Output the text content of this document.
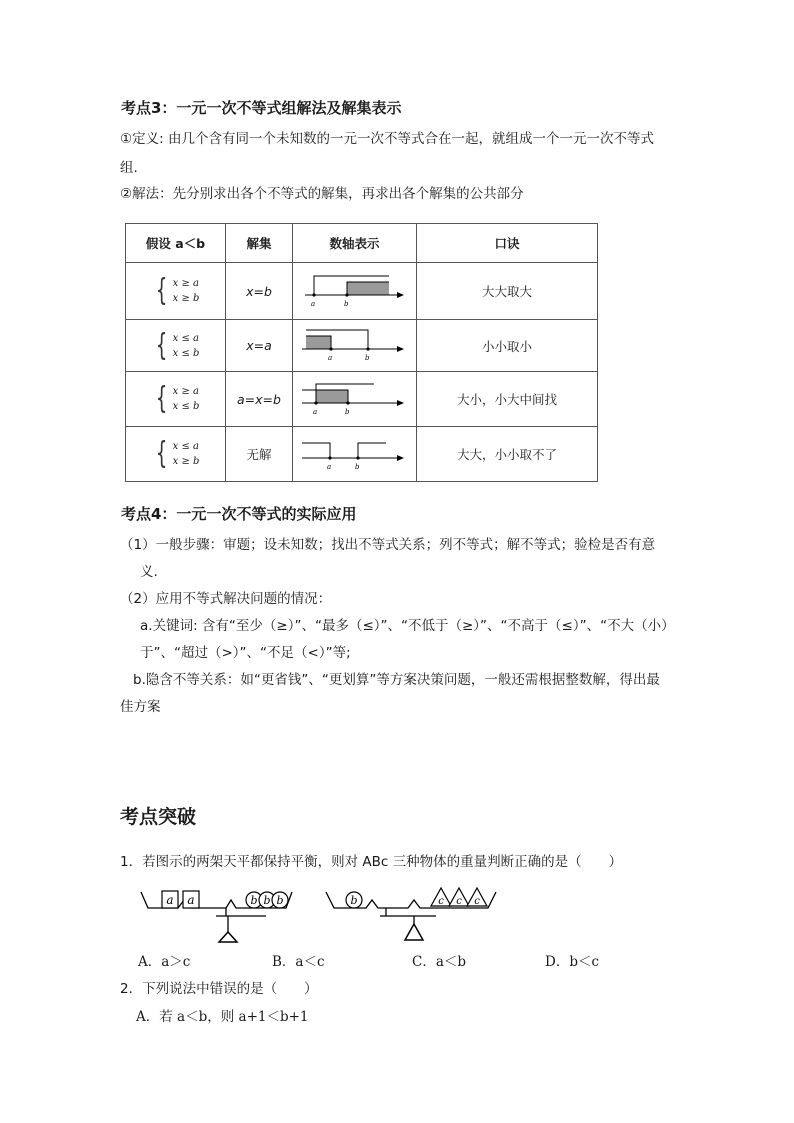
考点3：一元一次不等式组解法及解集表示
①定义: 由几个含有同一个未知数的一元一次不等式合在一起，就组成一个一元一次不等式
组.
②解法：先分别求出各个不等式的解集，再求出各个解集的公共部分
假设 a＜b	解集	数轴表示	口诀

{ x ≥ a
x ≥ b	x=b	a b	大大取大

{ x ≤ a
x ≤ b	x=a	a b	小小取小

{ x ≥ a
x ≤ b	a=x=b	a b	大小，小大中间找

{ x ≤ a
x ≥ b	无解	a b	大大，小小取不了
考点4：一元一次不等式的实际应用
（1）一般步骤：审题；设未知数；找出不等式关系；列不等式；解不等式；验检是否有意
义.
（2）应用不等式解决问题的情况：
a.关键词: 含有“至少（≥）”、“最多（≤）”、“不低于（≥）”、“不高于（≤）”、“不大（小）
于”、“超过（>）”、“不足（<）”等;
b.隐含不等关系：如“更省钱”、“更划算”等方案决策问题，一般还需根据整数解，得出最
佳方案
考点突破
1．若图示的两架天平都保持平衡，则对 ABc 三种物体的重量判断正确的是（　　）
a a	b b b	b	c c c
A．a＞c	B．a＜c	C．a＜b	D．b＜c
2．下列说法中错误的是（　　）
A．若 a＜b，则 a+1＜b+1
